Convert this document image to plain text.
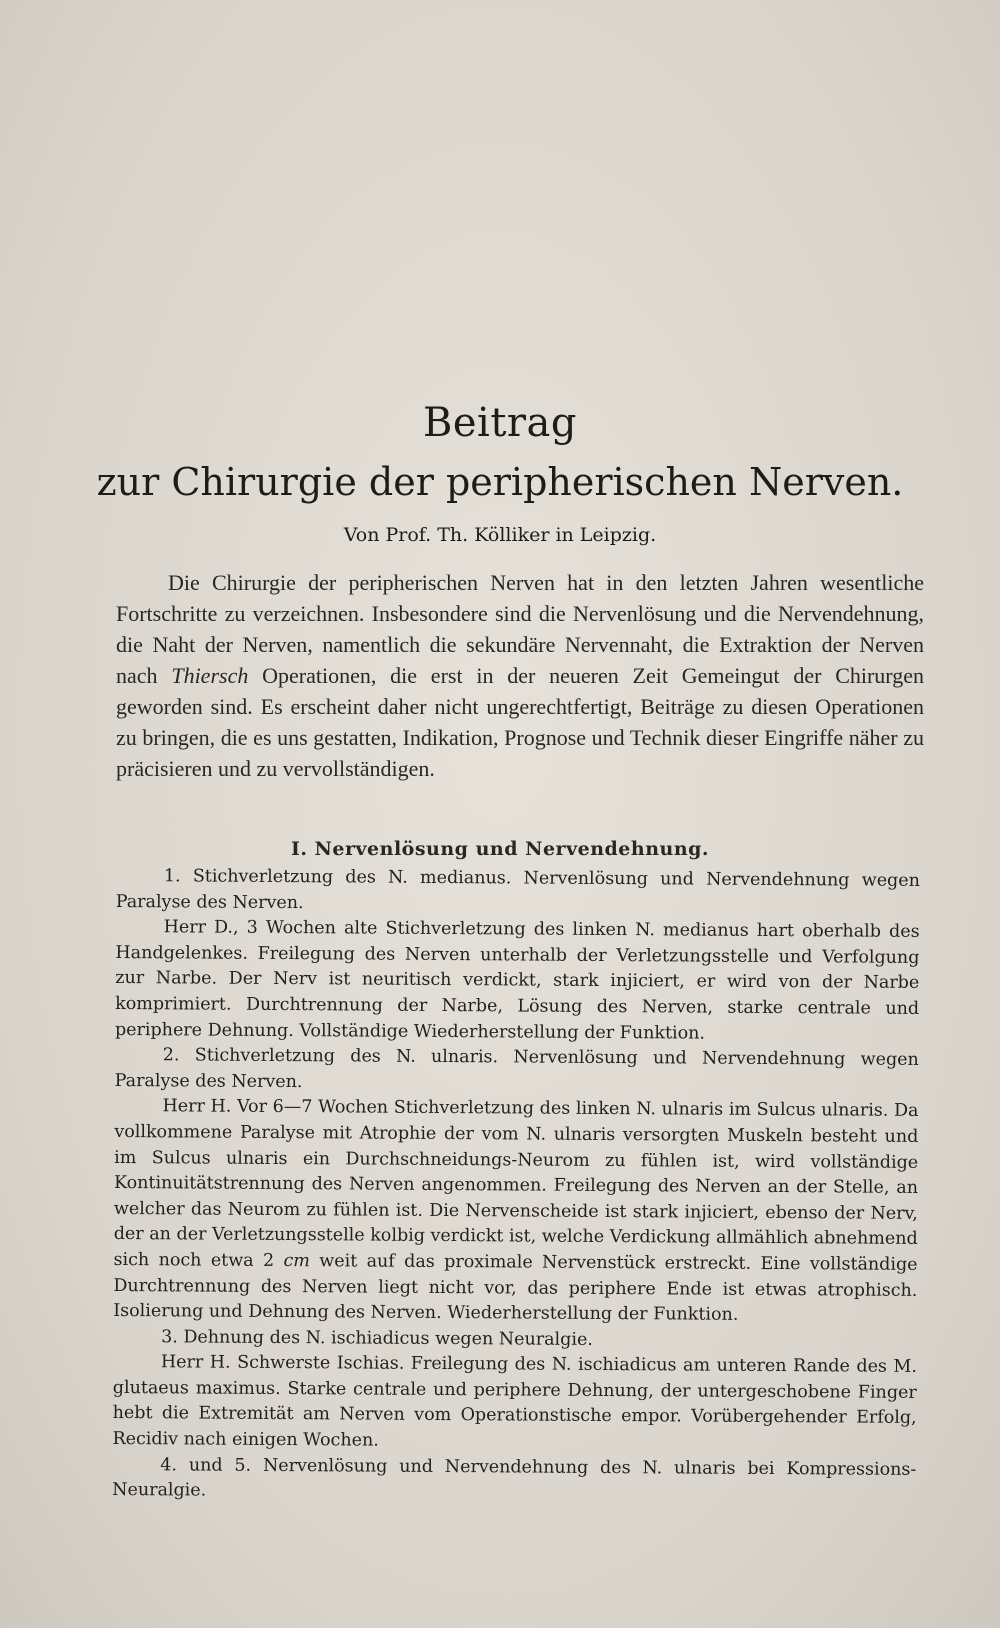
Beitrag
zur Chirurgie der peripherischen Nerven.
Von Prof. Th. Kölliker in Leipzig.

Die Chirurgie der peripherischen Nerven hat in den letzten Jahren wesentliche Fortschritte zu verzeichnen. Insbesondere sind die Nervenlösung und die Nervendehnung, die Naht der Nerven, namentlich die sekundäre Nervennaht, die Extraktion der Nerven nach Thiersch Operationen, die erst in der neueren Zeit Gemeingut der Chirurgen geworden sind. Es erscheint daher nicht ungerechtfertigt, Beiträge zu diesen Operationen zu bringen, die es uns gestatten, Indikation, Prognose und Technik dieser Eingriffe näher zu präcisieren und zu vervollständigen.

I. Nervenlösung und Nervendehnung.

1. Stichverletzung des N. medianus. Nervenlösung und Nervendehnung wegen Paralyse des Nerven.

Herr D., 3 Wochen alte Stichverletzung des linken N. medianus hart oberhalb des Handgelenkes. Freilegung des Nerven unterhalb der Verletzungsstelle und Verfolgung zur Narbe. Der Nerv ist neuritisch verdickt, stark injiciert, er wird von der Narbe komprimiert. Durchtrennung der Narbe, Lösung des Nerven, starke centrale und periphere Dehnung. Vollständige Wiederherstellung der Funktion.

2. Stichverletzung des N. ulnaris. Nervenlösung und Nervendehnung wegen Paralyse des Nerven.

Herr H. Vor 6—7 Wochen Stichverletzung des linken N. ulnaris im Sulcus ulnaris. Da vollkommene Paralyse mit Atrophie der vom N. ulnaris versorgten Muskeln besteht und im Sulcus ulnaris ein Durchschneidungs-Neurom zu fühlen ist, wird vollständige Kontinuitätstrennung des Nerven angenommen. Freilegung des Nerven an der Stelle, an welcher das Neurom zu fühlen ist. Die Nervenscheide ist stark injiciert, ebenso der Nerv, der an der Verletzungsstelle kolbig verdickt ist, welche Verdickung allmählich abnehmend sich noch etwa 2 cm weit auf das proximale Nervenstück erstreckt. Eine vollständige Durchtrennung des Nerven liegt nicht vor, das periphere Ende ist etwas atrophisch. Isolierung und Dehnung des Nerven. Wiederherstellung der Funktion.

3. Dehnung des N. ischiadicus wegen Neuralgie.

Herr H. Schwerste Ischias. Freilegung des N. ischiadicus am unteren Rande des M. glutaeus maximus. Starke centrale und periphere Dehnung, der untergeschobene Finger hebt die Extremität am Nerven vom Operationstische empor. Vorübergehender Erfolg, Recidiv nach einigen Wochen.

4. und 5. Nervenlösung und Nervendehnung des N. ulnaris bei Kompressions-Neuralgie.
